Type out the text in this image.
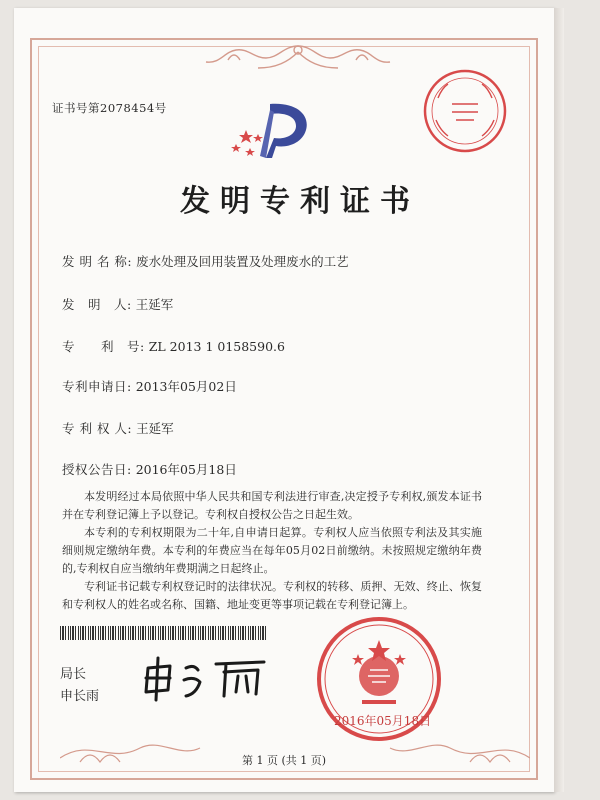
证书号第2078454号
发明专利证书
发 明 名 称: 废水处理及回用装置及处理废水的工艺
发　明　人: 王延军
专　　利　号: ZL 2013 1 0158590.6
专利申请日: 2013年05月02日
专 利 权 人: 王延军
授权公告日: 2016年05月18日
本发明经过本局依照中华人民共和国专利法进行审查,决定授予专利权,颁发本证书并在专利登记簿上予以登记。专利权自授权公告之日起生效。
本专利的专利权期限为二十年,自申请日起算。专利权人应当依照专利法及其实施细则规定缴纳年费。本专利的年费应当在每年05月02日前缴纳。未按照规定缴纳年费的,专利权自应当缴纳年费期满之日起终止。
专利证书记载专利权登记时的法律状况。专利权的转移、质押、无效、终止、恢复和专利权人的姓名或名称、国籍、地址变更等事项记载在专利登记簿上。
局长
申长雨
2016年05月18日
第 1 页 (共 1 页)
